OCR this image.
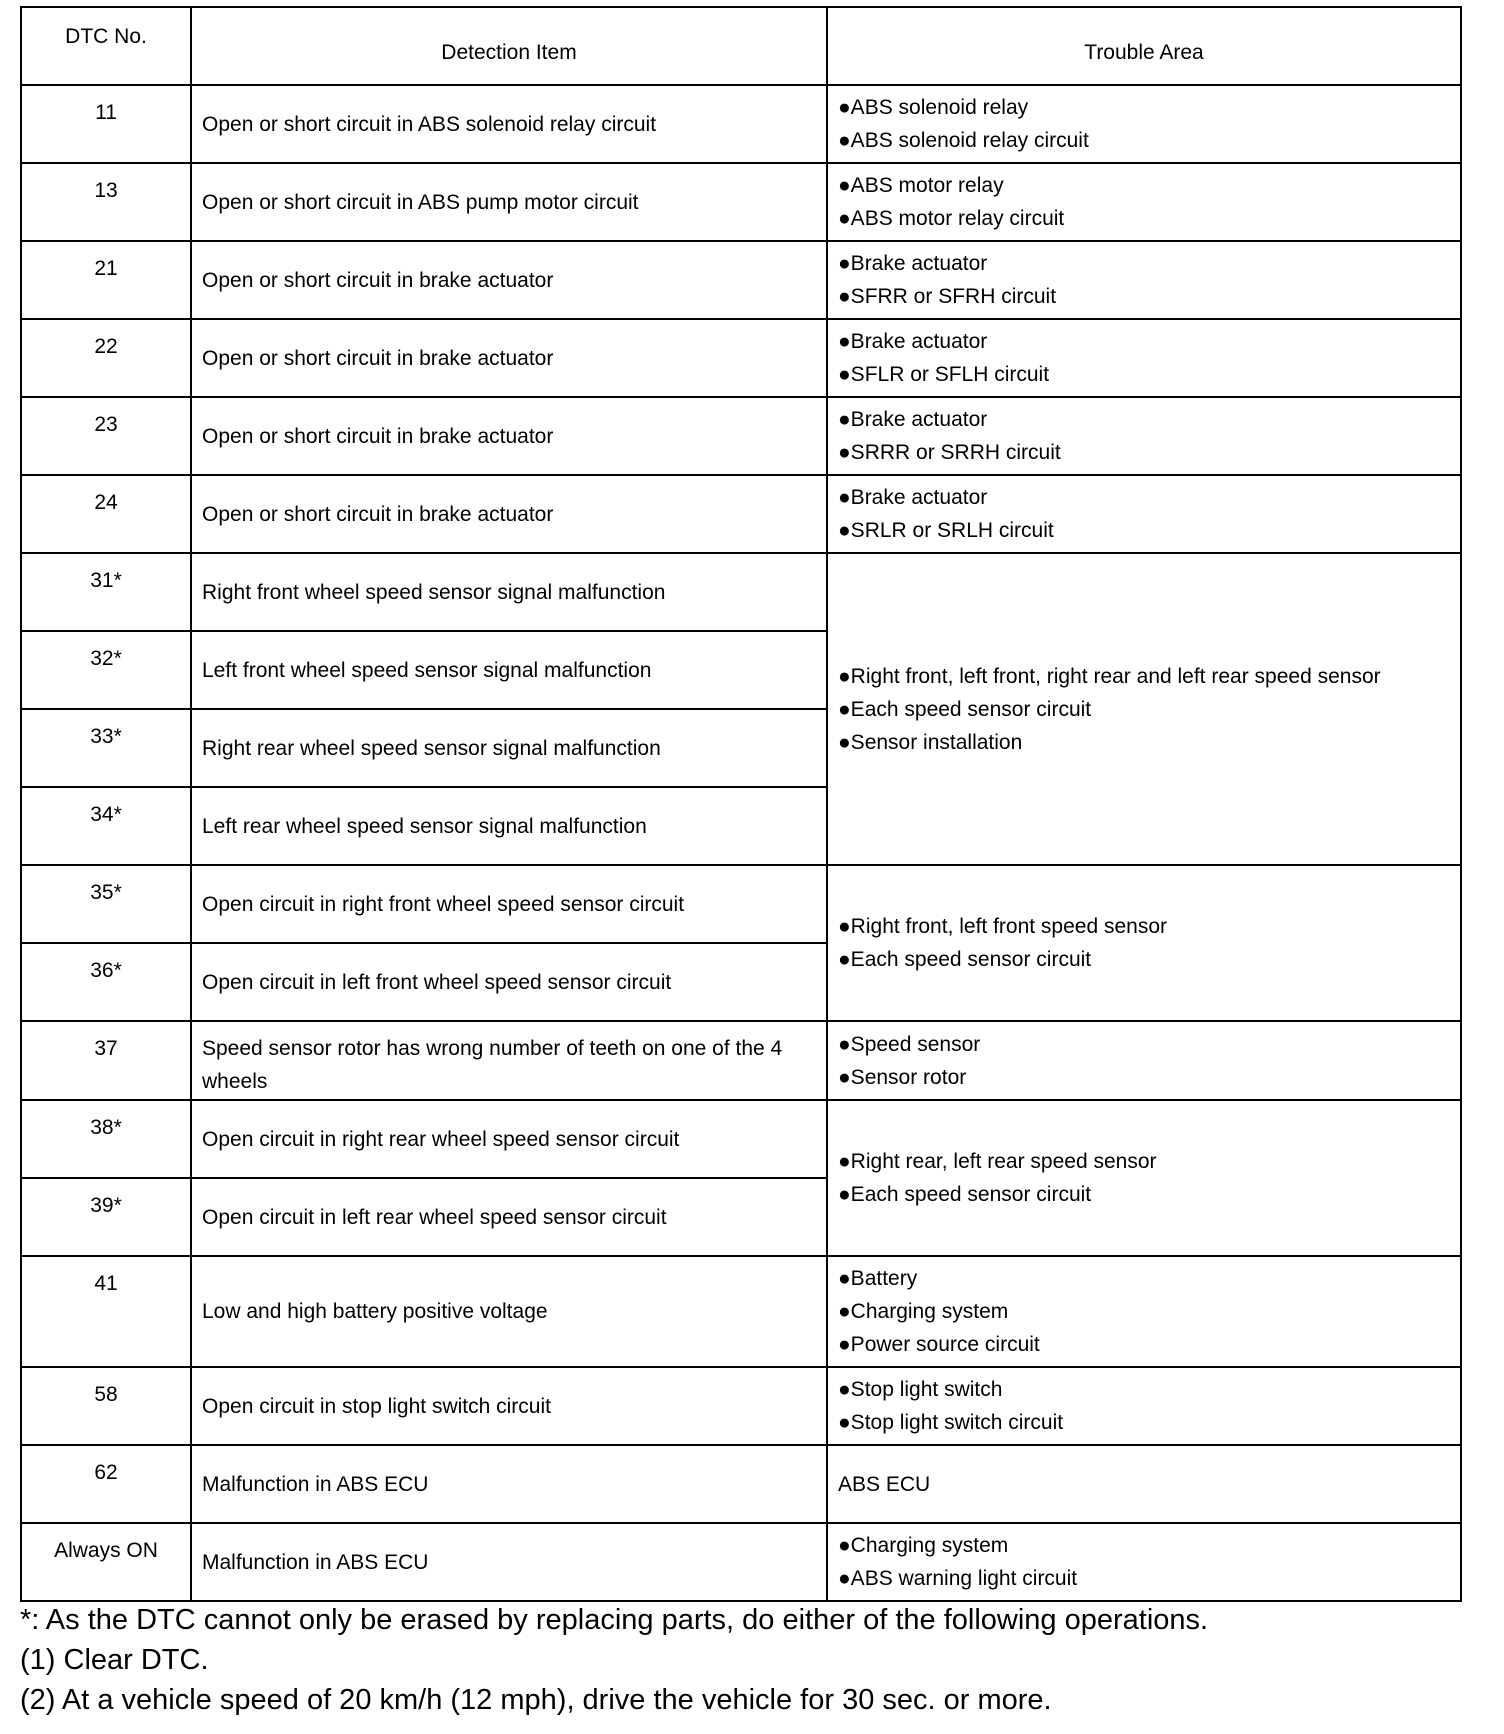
DTC No.	Detection Item	Trouble Area
11	Open or short circuit in ABS solenoid relay circuit	●ABS solenoid relay
●ABS solenoid relay circuit

13	Open or short circuit in ABS pump motor circuit	●ABS motor relay
●ABS motor relay circuit

21	Open or short circuit in brake actuator	●Brake actuator
●SFRR or SFRH circuit

22	Open or short circuit in brake actuator	●Brake actuator
●SFLR or SFLH circuit

23	Open or short circuit in brake actuator	●Brake actuator
●SRRR or SRRH circuit

24	Open or short circuit in brake actuator	●Brake actuator
●SRLR or SRLH circuit

31*	Right front wheel speed sensor signal malfunction	●Right front, left front, right rear and left rear speed sensor
●Each speed sensor circuit
●Sensor installation

32*	Left front wheel speed sensor signal malfunction	
33*	Right rear wheel speed sensor signal malfunction	
34*	Left rear wheel speed sensor signal malfunction	
35*	Open circuit in right front wheel speed sensor circuit	●Right front, left front speed sensor
●Each speed sensor circuit

36*	Open circuit in left front wheel speed sensor circuit	
37	Speed sensor rotor has wrong number of teeth on one of the 4 wheels	●Speed sensor
●Sensor rotor

38*	Open circuit in right rear wheel speed sensor circuit	●Right rear, left rear speed sensor
●Each speed sensor circuit

39*	Open circuit in left rear wheel speed sensor circuit	
41	Low and high battery positive voltage	●Battery
●Charging system
●Power source circuit

58	Open circuit in stop light switch circuit	●Stop light switch
●Stop light switch circuit

62	Malfunction in ABS ECU	ABS ECU

Always ON	Malfunction in ABS ECU	●Charging system
●ABS warning light circuit
*: As the DTC cannot only be erased by replacing parts, do either of the following operations.
(1) Clear DTC.
(2) At a vehicle speed of 20 km/h (12 mph), drive the vehicle for 30 sec. or more.
